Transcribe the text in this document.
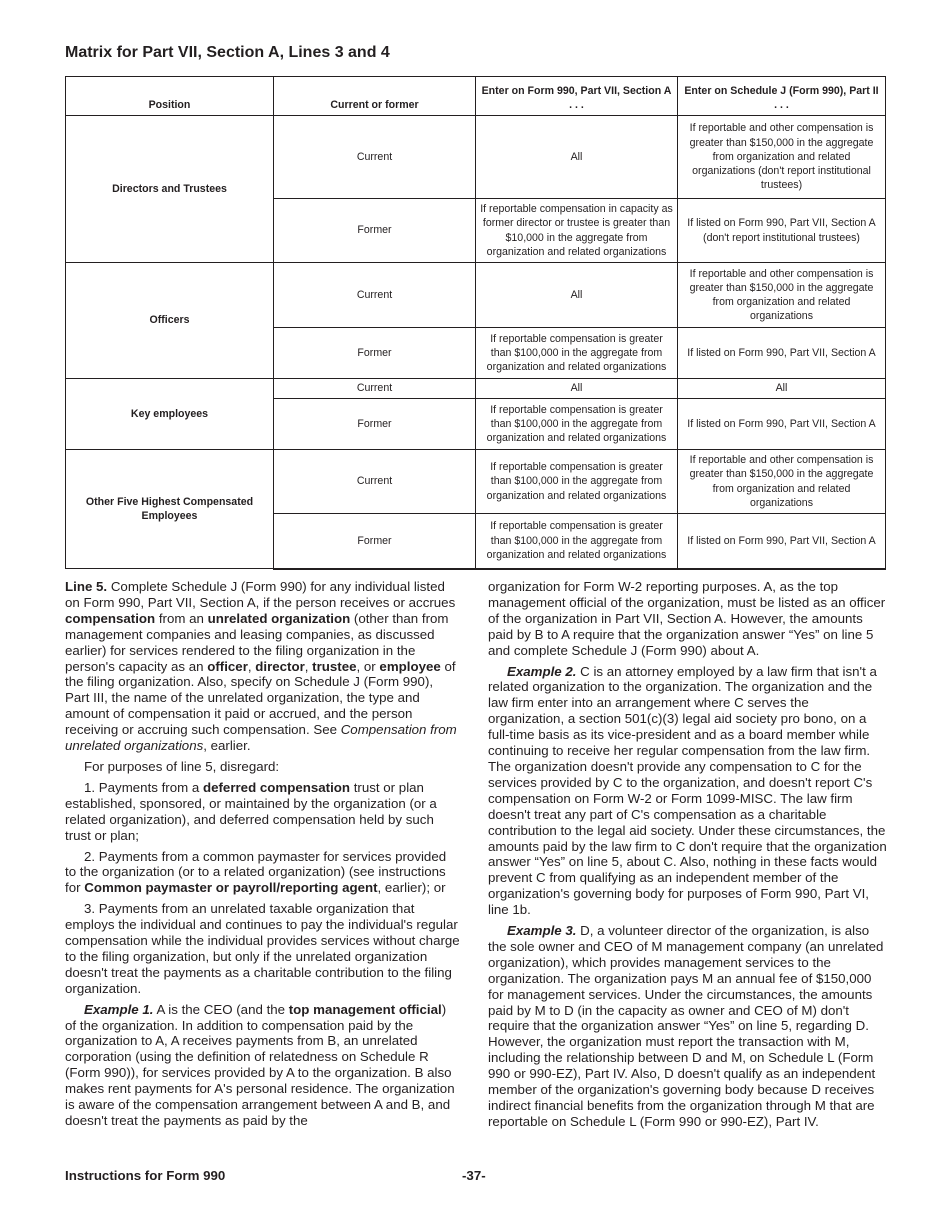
Matrix for Part VII, Section A, Lines 3 and 4
Position	Current or former	Enter on Form 990, Part VII, Section A . . .	Enter on Schedule J (Form 990), Part II . . .
Directors and Trustees	Current	All	If reportable and other compensation is greater than $150,000 in the aggregate from organization and related organizations (don't report institutional trustees)
	Former	If reportable compensation in capacity as former director or trustee is greater than $10,000 in the aggregate from organization and related organizations	If listed on Form 990, Part VII, Section A (don't report institutional trustees)
Officers	Current	All	If reportable and other compensation is greater than $150,000 in the aggregate from organization and related organizations
	Former	If reportable compensation is greater than $100,000 in the aggregate from organization and related organizations	If listed on Form 990, Part VII, Section A
Key employees	Current	All	All
	Former	If reportable compensation is greater than $100,000 in the aggregate from organization and related organizations	If listed on Form 990, Part VII, Section A
Other Five Highest Compensated Employees	Current	If reportable compensation is greater than $100,000 in the aggregate from organization and related organizations	If reportable and other compensation is greater than $150,000 in the aggregate from organization and related organizations
	Former	If reportable compensation is greater than $100,000 in the aggregate from organization and related organizations	If listed on Form 990, Part VII, Section A

Line 5. Complete Schedule J (Form 990) for any individual listed on Form 990, Part VII, Section A, if the person receives or accrues compensation from an unrelated organization (other than from management companies and leasing companies, as discussed earlier) for services rendered to the filing organization in the person's capacity as an officer, director, trustee, or employee of the filing organization. Also, specify on Schedule J (Form 990), Part III, the name of the unrelated organization, the type and amount of compensation it paid or accrued, and the person receiving or accruing such compensation. See Compensation from unrelated organizations, earlier.

For purposes of line 5, disregard:

1. Payments from a deferred compensation trust or plan established, sponsored, or maintained by the organization (or a related organization), and deferred compensation held by such trust or plan;

2. Payments from a common paymaster for services provided to the organization (or to a related organization) (see instructions for Common paymaster or payroll/reporting agent, earlier); or

3. Payments from an unrelated taxable organization that employs the individual and continues to pay the individual's regular compensation while the individual provides services without charge to the filing organization, but only if the unrelated organization doesn't treat the payments as a charitable contribution to the filing organization.

Example 1. A is the CEO (and the top management official) of the organization. In addition to compensation paid by the organization to A, A receives payments from B, an unrelated corporation (using the definition of relatedness on Schedule R (Form 990)), for services provided by A to the organization. B also makes rent payments for A's personal residence. The organization is aware of the compensation arrangement between A and B, and doesn't treat the payments as paid by the

organization for Form W-2 reporting purposes. A, as the top management official of the organization, must be listed as an officer of the organization in Part VII, Section A. However, the amounts paid by B to A require that the organization answer “Yes” on line 5 and complete Schedule J (Form 990) about A.

Example 2. C is an attorney employed by a law firm that isn't a related organization to the organization. The organization and the law firm enter into an arrangement where C serves the organization, a section 501(c)(3) legal aid society pro bono, on a full-time basis as its vice-president and as a board member while continuing to receive her regular compensation from the law firm. The organization doesn't provide any compensation to C for the services provided by C to the organization, and doesn't report C's compensation on Form W-2 or Form 1099-MISC. The law firm doesn't treat any part of C's compensation as a charitable contribution to the legal aid society. Under these circumstances, the amounts paid by the law firm to C don't require that the organization answer “Yes” on line 5, about C. Also, nothing in these facts would prevent C from qualifying as an independent member of the organization's governing body for purposes of Form 990, Part VI, line 1b.

Example 3. D, a volunteer director of the organization, is also the sole owner and CEO of M management company (an unrelated organization), which provides management services to the organization. The organization pays M an annual fee of $150,000 for management services. Under the circumstances, the amounts paid by M to D (in the capacity as owner and CEO of M) don't require that the organization answer “Yes” on line 5, regarding D. However, the organization must report the transaction with M, including the relationship between D and M, on Schedule L (Form 990 or 990-EZ), Part IV. Also, D doesn't qualify as an independent member of the organization's governing body because D receives indirect financial benefits from the organization through M that are reportable on Schedule L (Form 990 or 990-EZ), Part IV.

Instructions for Form 990	-37-
